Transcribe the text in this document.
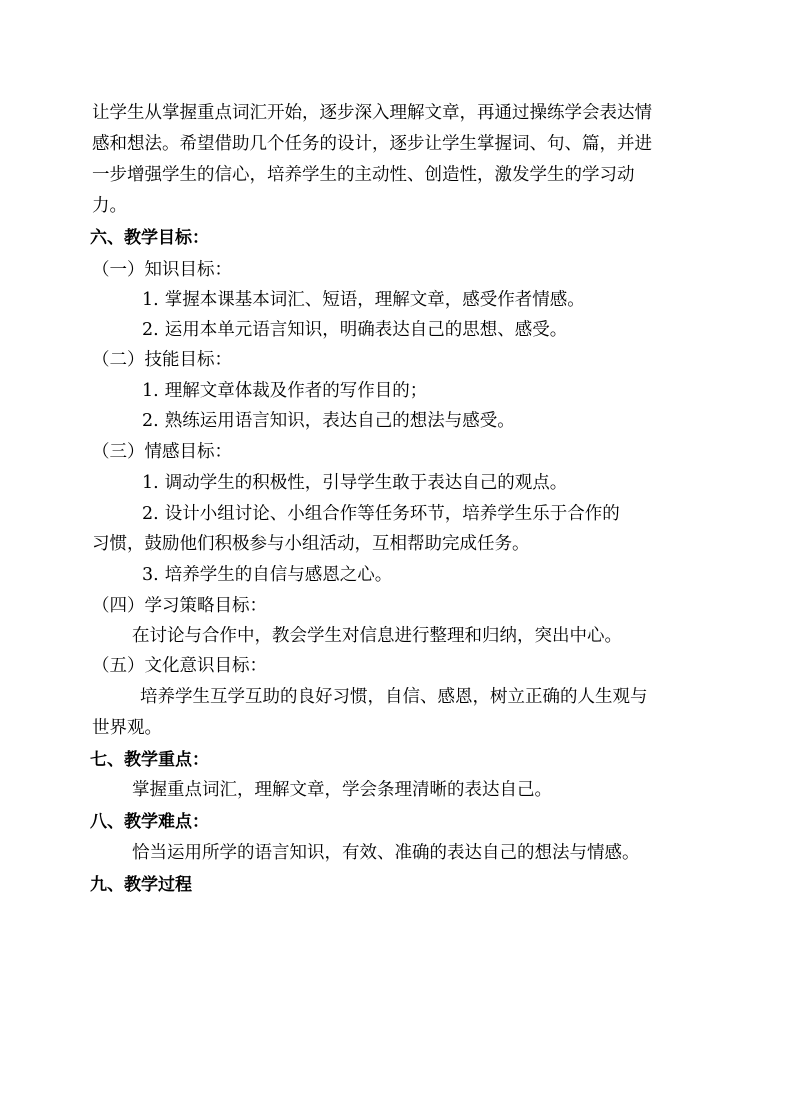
让学生从掌握重点词汇开始，逐步深入理解文章，再通过操练学会表达情
感和想法。希望借助几个任务的设计，逐步让学生掌握词、句、篇，并进
一步增强学生的信心，培养学生的主动性、创造性，激发学生的学习动
力。
六、教学目标：
（一）知识目标：
1. 掌握本课基本词汇、短语，理解文章，感受作者情感。
2. 运用本单元语言知识，明确表达自己的思想、感受。
（二）技能目标：
1. 理解文章体裁及作者的写作目的；
2. 熟练运用语言知识，表达自己的想法与感受。
（三）情感目标：
1. 调动学生的积极性，引导学生敢于表达自己的观点。
2. 设计小组讨论、小组合作等任务环节，培养学生乐于合作的
习惯，鼓励他们积极参与小组活动，互相帮助完成任务。
3. 培养学生的自信与感恩之心。
（四）学习策略目标：
在讨论与合作中，教会学生对信息进行整理和归纳，突出中心。
（五）文化意识目标：
培养学生互学互助的良好习惯，自信、感恩，树立正确的人生观与
世界观。
七、教学重点：
掌握重点词汇，理解文章，学会条理清晰的表达自己。
八、教学难点：
恰当运用所学的语言知识，有效、准确的表达自己的想法与情感。
九、教学过程
